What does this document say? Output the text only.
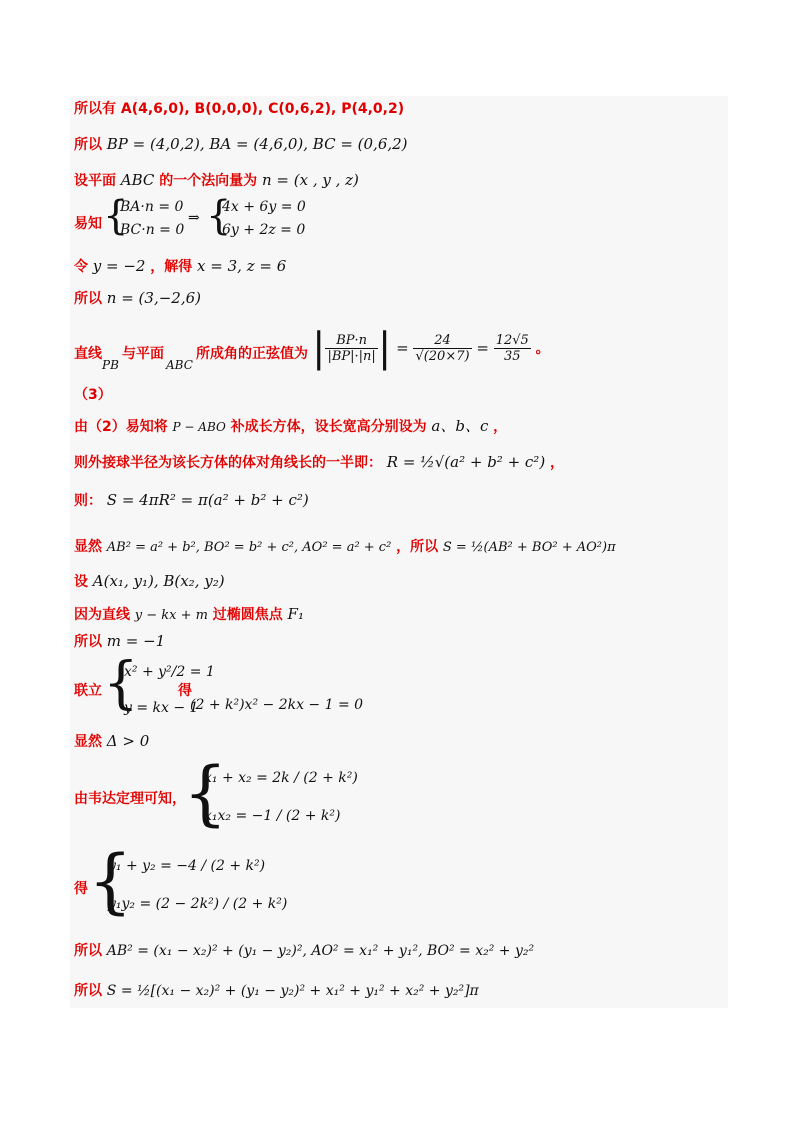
所以有 A(4,6,0), B(0,0,0), C(0,6,2), P(4,0,2)
所以 BP = (4,0,2), BA = (4,6,0), BC = (0,6,2)
设平面 ABC 的一个法向量为 n = (x , y , z)
易知 {
BA·n = 0
BC·n = 0
⇒ {
4x + 6y = 0
6y + 2z = 0
令 y = −2 ，解得 x = 3, z = 6
所以 n = (3,−2,6)
直线
PB
与平面
ABC
所成角的正弦值为 | $\frac{BP\cdot n}{|BP|\cdot|n|}$ | = $\frac{24}{√(20\times 7)} = \frac{12√5}{35}$ 。
（3）
由（2）易知将 P − ABO 补成长方体，设长宽高分别设为 a、b、c ，
则外接球半径为该长方体的体对角线长的一半即： R = ½√(a² + b² + c²) ，
则： S = 4πR² = π(a² + b² + c²)
显然 AB² = a² + b², BO² = b² + c², AO² = a² + c² ，所以 S = ½(AB² + BO² + AO²)π
设 A(x₁, y₁), B(x₂, y₂)
因为直线 y − kx + m 过椭圆焦点 F₁
所以 m = −1
联立 {
x² + y²/2 = 1
y = kx − 1
得
(2 + k²)x² − 2kx − 1 = 0
显然 Δ > 0
由韦达定理可知，
{
x₁ + x₂ = 2k / (2 + k²)
x₁x₂ = −1 / (2 + k²)
得 {
y₁ + y₂ = −4 / (2 + k²)
y₁y₂ = (2 − 2k²) / (2 + k²)
所以 AB² = (x₁ − x₂)² + (y₁ − y₂)², AO² = x₁² + y₁², BO² = x₂² + y₂²
所以 S = ½[(x₁ − x₂)² + (y₁ − y₂)² + x₁² + y₁² + x₂² + y₂²]π
